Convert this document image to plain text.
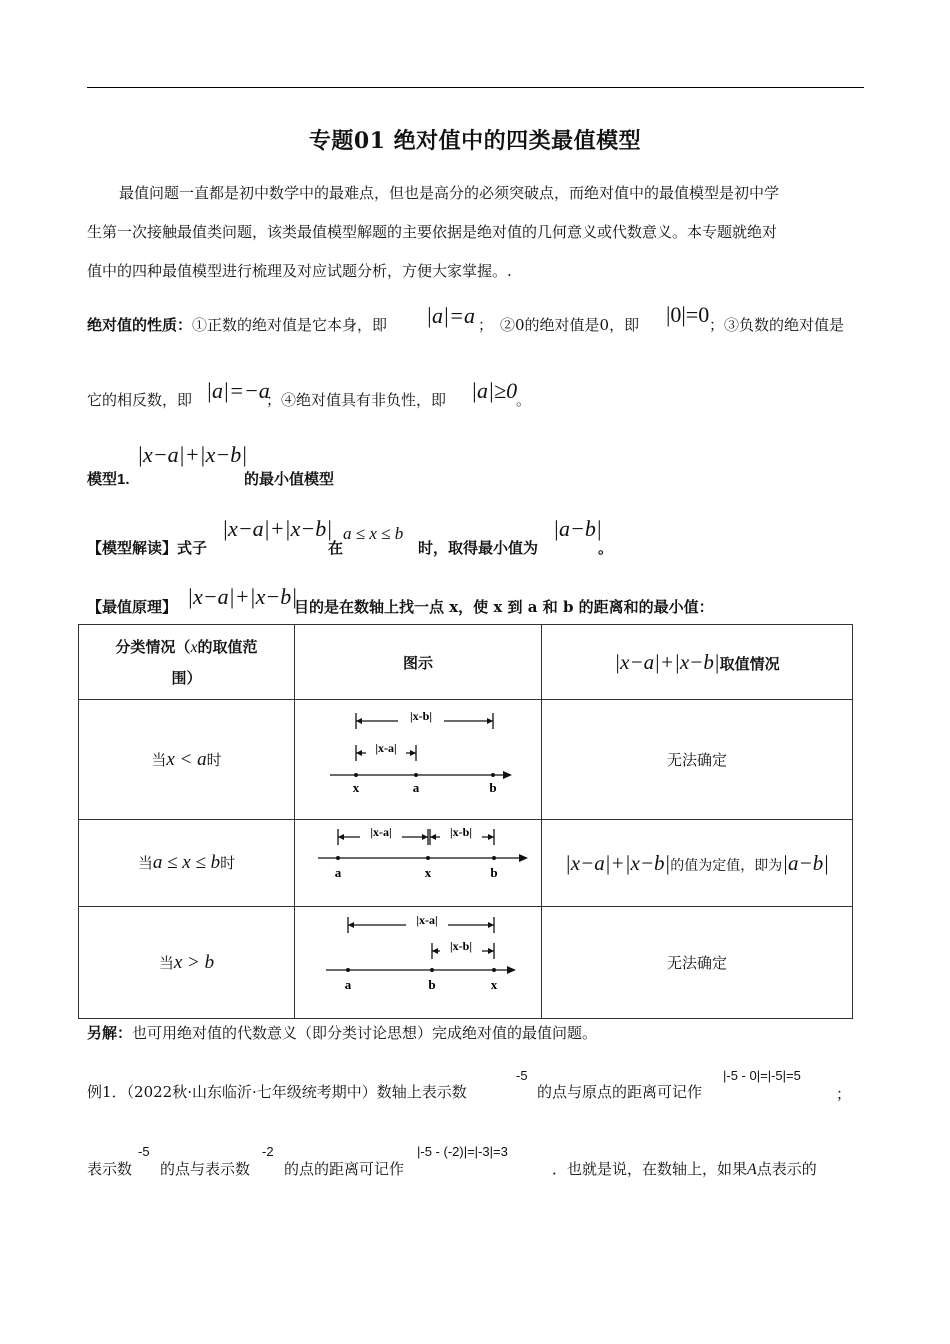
专题01 绝对值中的四类最值模型
最值问题一直都是初中数学中的最难点，但也是高分的必须突破点，而绝对值中的最值模型是初中学
生第一次接触最值类问题，该类最值模型解题的主要依据是绝对值的几何意义或代数意义。本专题就绝对
值中的四种最值模型进行梳理及对应试题分析，方便大家掌握。.
绝对值的性质：①正数的绝对值是它本身，即 |a|=a ； ②0的绝对值是0，即 |0|=0 ；③负数的绝对值是
它的相反数，即 |a|=−a
；④绝对值具有非负性，即 |a|≥0
。
模型1.
|x−a|+|x−b|
的最小值模型
【模型解读】式子
|x−a|+|x−b|
在
a ≤ x ≤ b
时，取得最小值为
|a−b|
。
【最值原理】 |x−a|+|x−b|
目的是在数轴上找一点 x，使 x 到 a 和 b 的距离和的最小值：
分类情况（x的取值范
围）	图示	|x−a|+|x−b|取值情况
当x < a时	|x-b|
|x-a|
x a b	无法确定
当a ≤ x ≤ b时	|x-a| |x-b|
a x b	|x−a|+|x−b|的值为定值，即为|a−b|
当x > b	|x-a|
|x-b|
a b x	无法确定
另解：也可用绝对值的代数意义（即分类讨论思想）完成绝对值的最值问题。
例1．（2022秋·山东临沂·七年级统考期中）数轴上表示数
-5
的点与原点的距离可记作
|-5 - 0|=|-5|=5
；
表示数
-5
的点与表示数
-2
的点的距离可记作
|-5 - (-2)|=|-3|=3
．也就是说，在数轴上，如果A点表示的
